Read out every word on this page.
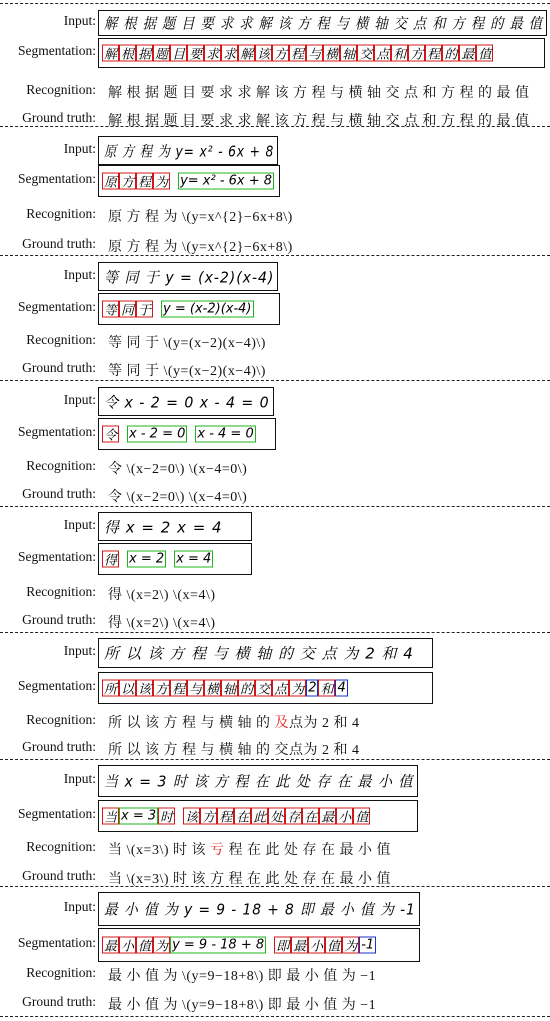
Input: 解 根 据 题 目 要 求 求 解 该 方 程 与 横 轴 交 点 和 方 程 的 最 值
Segmentation: 解 根 据 题 目 要 求 求 解 该 方 程 与 横 轴 交 点 和 方 程 的 最 值
Recognition: 解 根 据 题 目 要 求 求 解 该 方 程 与 横 轴 交 点 和 方 程 的 最 值
Ground truth: 解 根 据 题 目 要 求 求 解 该 方 程 与 横 轴 交 点 和 方 程 的 最 值
Input: 原 方 程 为 y= x² - 6x + 8
Segmentation: 原 方 程 为 y= x² - 6x + 8
Recognition: 原 方 程 为 \(y=x^{2}−6x+8\)
Ground truth: 原 方 程 为 \(y=x^{2}−6x+8\)
Input: 等 同 于 y = (x-2)(x-4)
Segmentation: 等 同 于 y = (x-2)(x-4)
Recognition: 等 同 于 \(y=(x−2)(x−4)\)
Ground truth: 等 同 于 \(y=(x−2)(x−4)\)
Input: 令 x - 2 = 0 x - 4 = 0
Segmentation: 令 x - 2 = 0 x - 4 = 0
Recognition: 令 \(x−2=0\) \(x−4=0\)
Ground truth: 令 \(x−2=0\) \(x−4=0\)
Input: 得 x = 2 x = 4
Segmentation: 得 x = 2 x = 4
Recognition: 得 \(x=2\) \(x=4\)
Ground truth: 得 \(x=2\) \(x=4\)
Input: 所 以 该 方 程 与 横 轴 的 交 点 为 2 和 4
Segmentation: 所 以 该 方 程 与 横 轴 的 交 点 为 2 和 4
Recognition: 所 以 该 方 程 与 横 轴 的 及点为 2 和 4
Ground truth: 所 以 该 方 程 与 横 轴 的 交点为 2 和 4
Input: 当 x = 3 时 该 方 程 在 此 处 存 在 最 小 值
Segmentation: 当 x = 3 时 该 方 程 在 此 处 存 在 最 小 值
Recognition: 当 \(x=3\) 时 该 亏 程 在 此 处 存 在 最 小 值
Ground truth: 当 \(x=3\) 时 该 方 程 在 此 处 存 在 最 小 值
Input: 最 小 值 为 y = 9 - 18 + 8 即 最 小 值 为 -1
Segmentation: 最 小 值 为 y = 9 - 18 + 8 即 最 小 值 为 -1
Recognition: 最 小 值 为 \(y=9−18+8\) 即 最 小 值 为 −1
Ground truth: 最 小 值 为 \(y=9−18+8\) 即 最 小 值 为 −1
